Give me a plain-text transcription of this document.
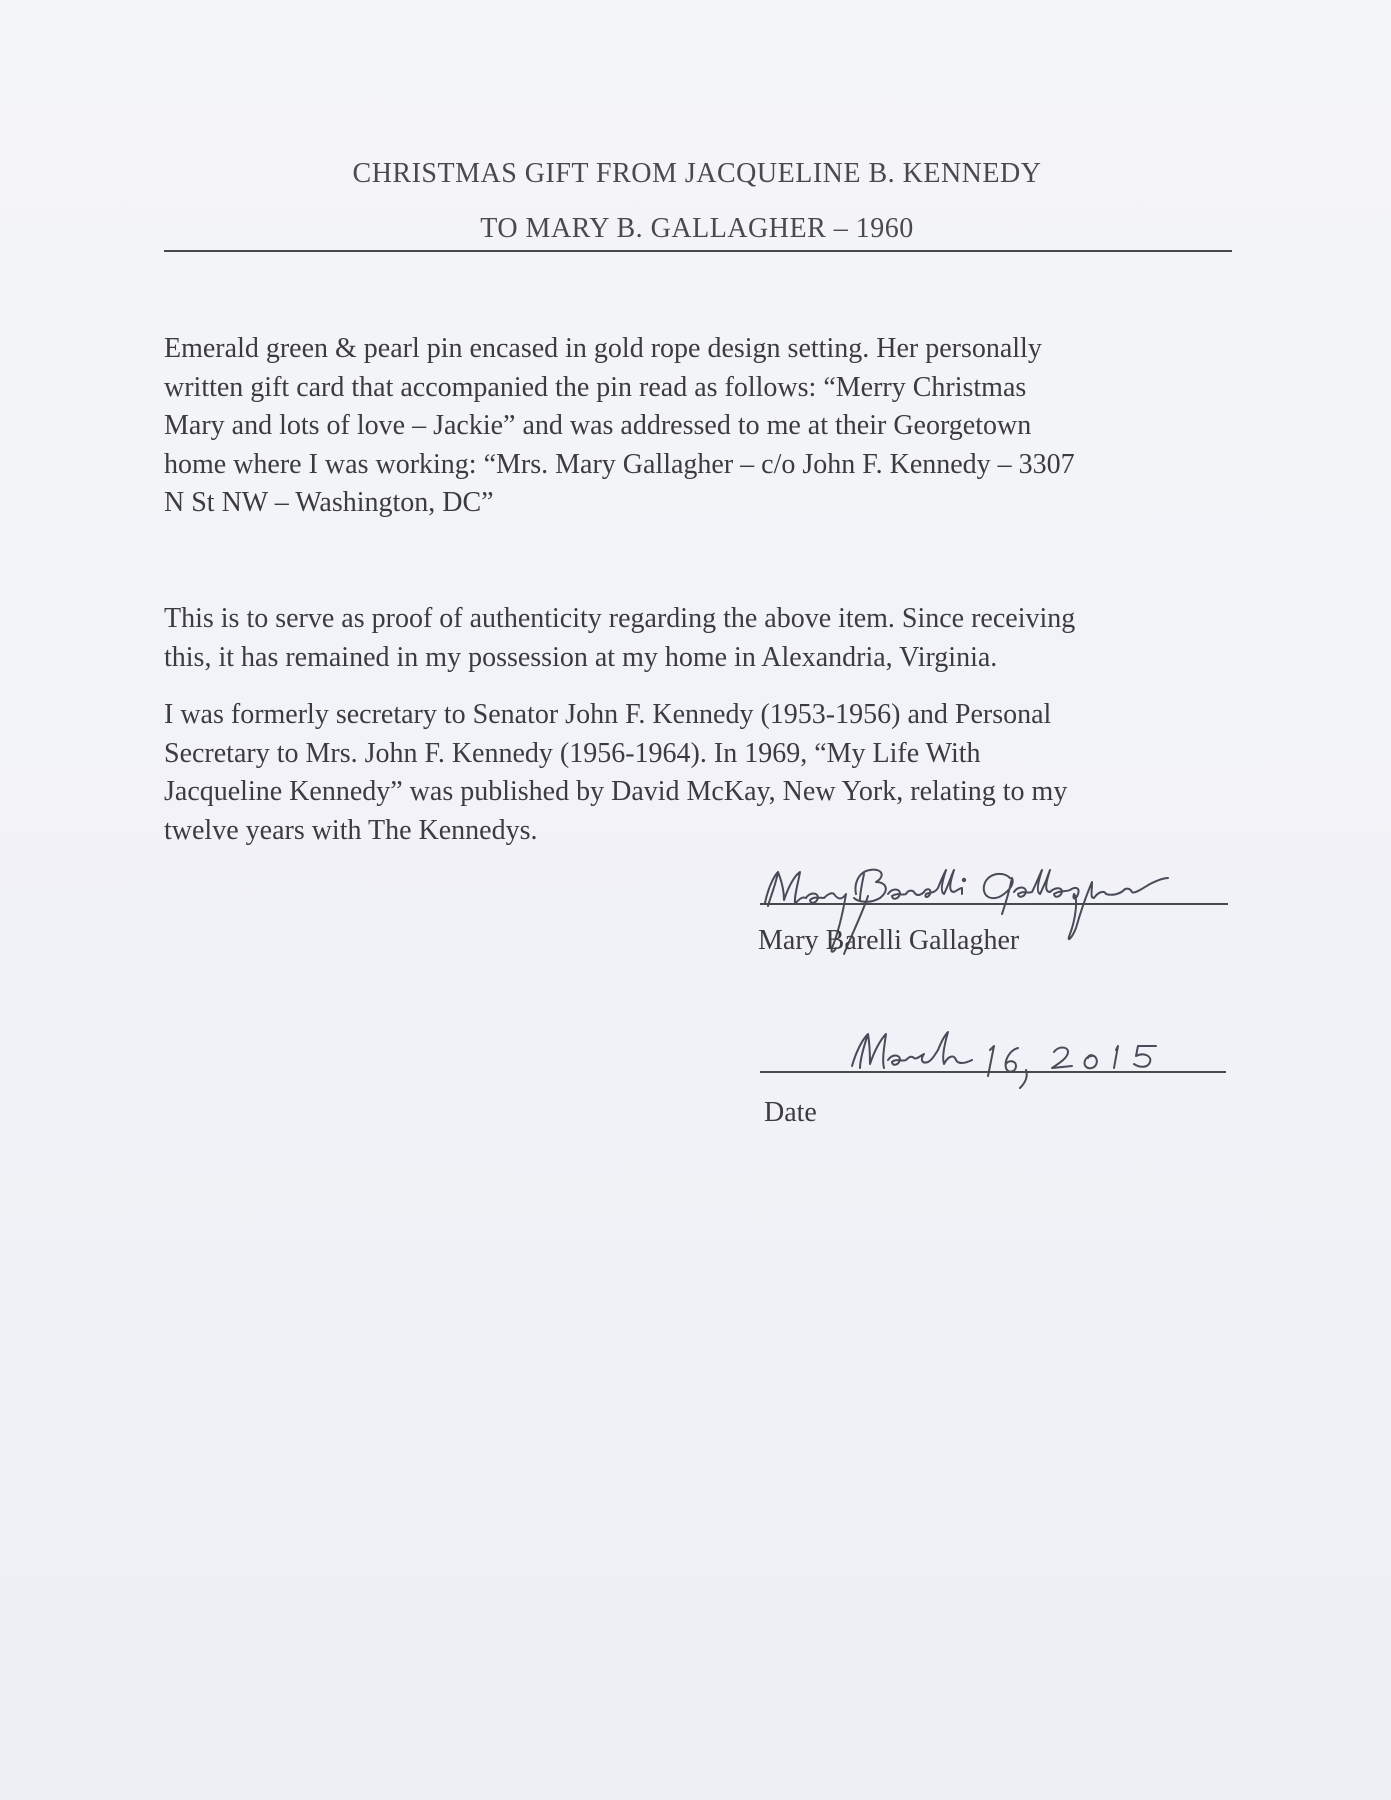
CHRISTMAS GIFT FROM JACQUELINE B. KENNEDY
TO MARY B. GALLAGHER – 1960

Emerald green & pearl pin encased in gold rope design setting. Her personally
written gift card that accompanied the pin read as follows: “Merry Christmas
Mary and lots of love – Jackie” and was addressed to me at their Georgetown
home where I was working: “Mrs. Mary Gallagher – c/o John F. Kennedy – 3307
N St NW – Washington, DC”

This is to serve as proof of authenticity regarding the above item. Since receiving
this, it has remained in my possession at my home in Alexandria, Virginia.

I was formerly secretary to Senator John F. Kennedy (1953-1956) and Personal
Secretary to Mrs. John F. Kennedy (1956-1964). In 1969, “My Life With
Jacqueline Kennedy” was published by David McKay, New York, relating to my
twelve years with The Kennedys.

Mary Barelli Gallagher
Date
